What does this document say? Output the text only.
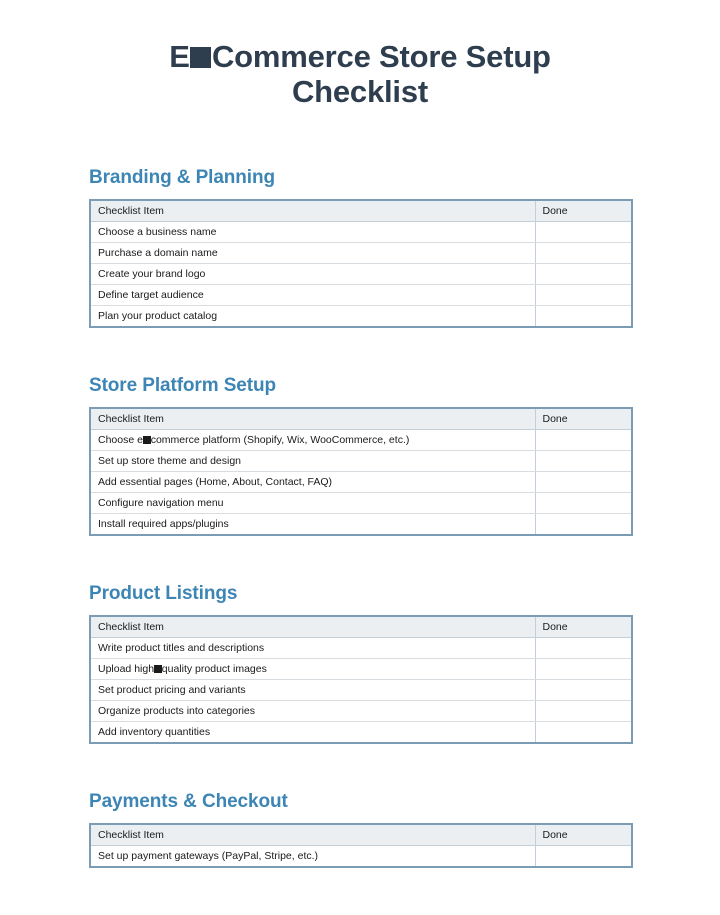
E Commerce Store Setup
Checklist
Branding & Planning
Checklist Item	Done
Choose a business name	
Purchase a domain name	
Create your brand logo	
Define target audience	
Plan your product catalog	
Store Platform Setup
Checklist Item	Done
Choose e commerce platform (Shopify, Wix, WooCommerce, etc.)	
Set up store theme and design	
Add essential pages (Home, About, Contact, FAQ)	
Configure navigation menu	
Install required apps/plugins	
Product Listings
Checklist Item	Done
Write product titles and descriptions	
Upload high quality product images	
Set product pricing and variants	
Organize products into categories	
Add inventory quantities	
Payments & Checkout
Checklist Item	Done
Set up payment gateways (PayPal, Stripe, etc.)	
